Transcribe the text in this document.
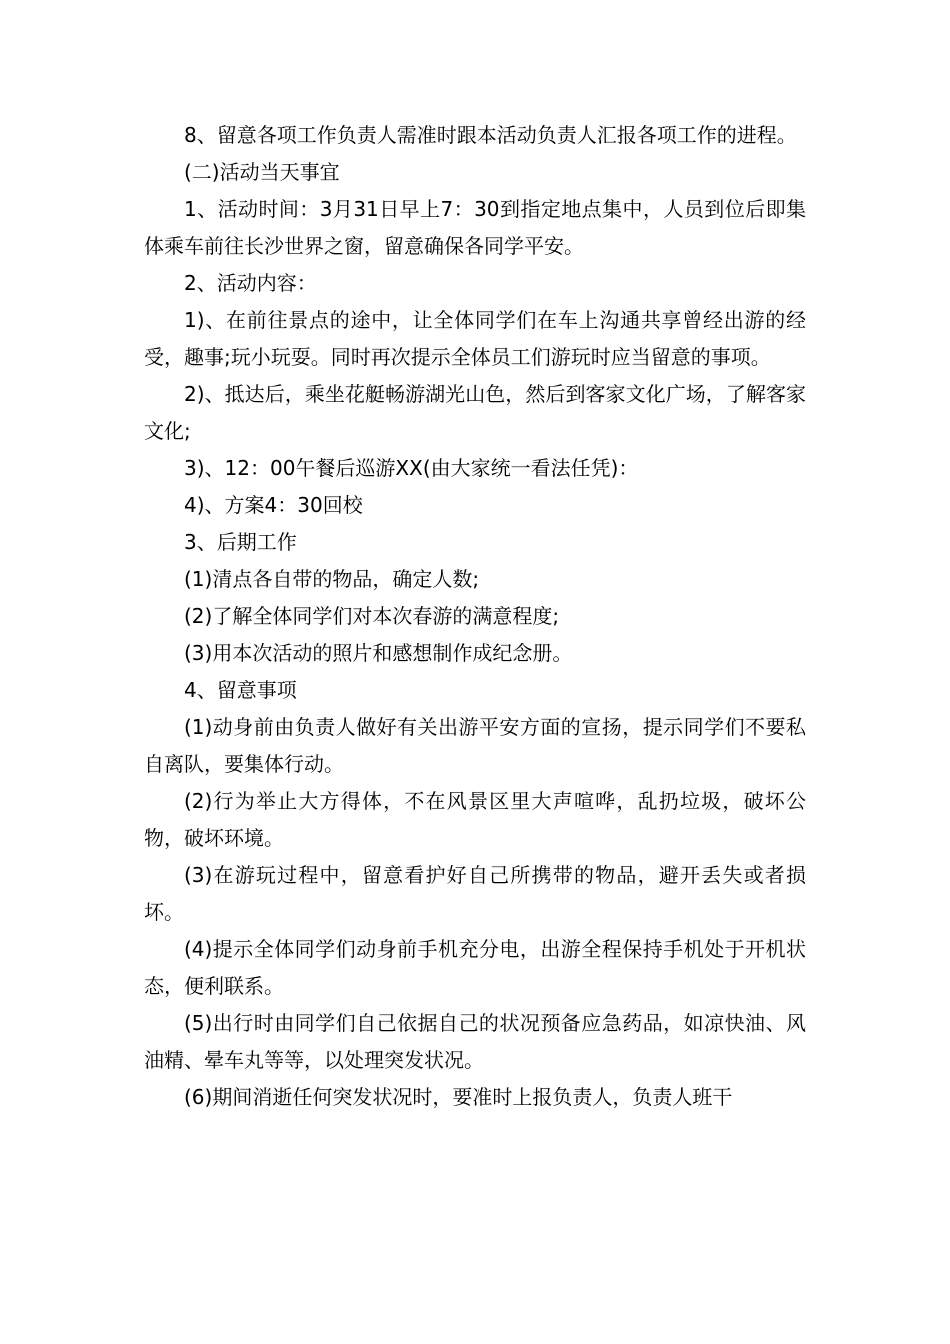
8、留意各项工作负责人需准时跟本活动负责人汇报各项工作的进程。

(二)活动当天事宜

1、活动时间：3月31日早上7：30到指定地点集中，人员到位后即集体乘车前往长沙世界之窗，留意确保各同学平安。

2、活动内容：

1)、在前往景点的途中，让全体同学们在车上沟通共享曾经出游的经受，趣事;玩小玩耍。同时再次提示全体员工们游玩时应当留意的事项。

2)、抵达后，乘坐花艇畅游湖光山色，然后到客家文化广场，了解客家文化;

3)、12：00午餐后巡游XX(由大家统一看法任凭)：

4)、方案4：30回校

3、后期工作

(1)清点各自带的物品，确定人数;

(2)了解全体同学们对本次春游的满意程度;

(3)用本次活动的照片和感想制作成纪念册。

4、留意事项

(1)动身前由负责人做好有关出游平安方面的宣扬，提示同学们不要私自离队，要集体行动。

(2)行为举止大方得体，不在风景区里大声喧哗，乱扔垃圾，破坏公物，破坏环境。

(3)在游玩过程中，留意看护好自己所携带的物品，避开丢失或者损坏。

(4)提示全体同学们动身前手机充分电，出游全程保持手机处于开机状态，便利联系。

(5)出行时由同学们自己依据自己的状况预备应急药品，如凉快油、风油精、晕车丸等等，以处理突发状况。

(6)期间消逝任何突发状况时，要准时上报负责人，负责人班干
